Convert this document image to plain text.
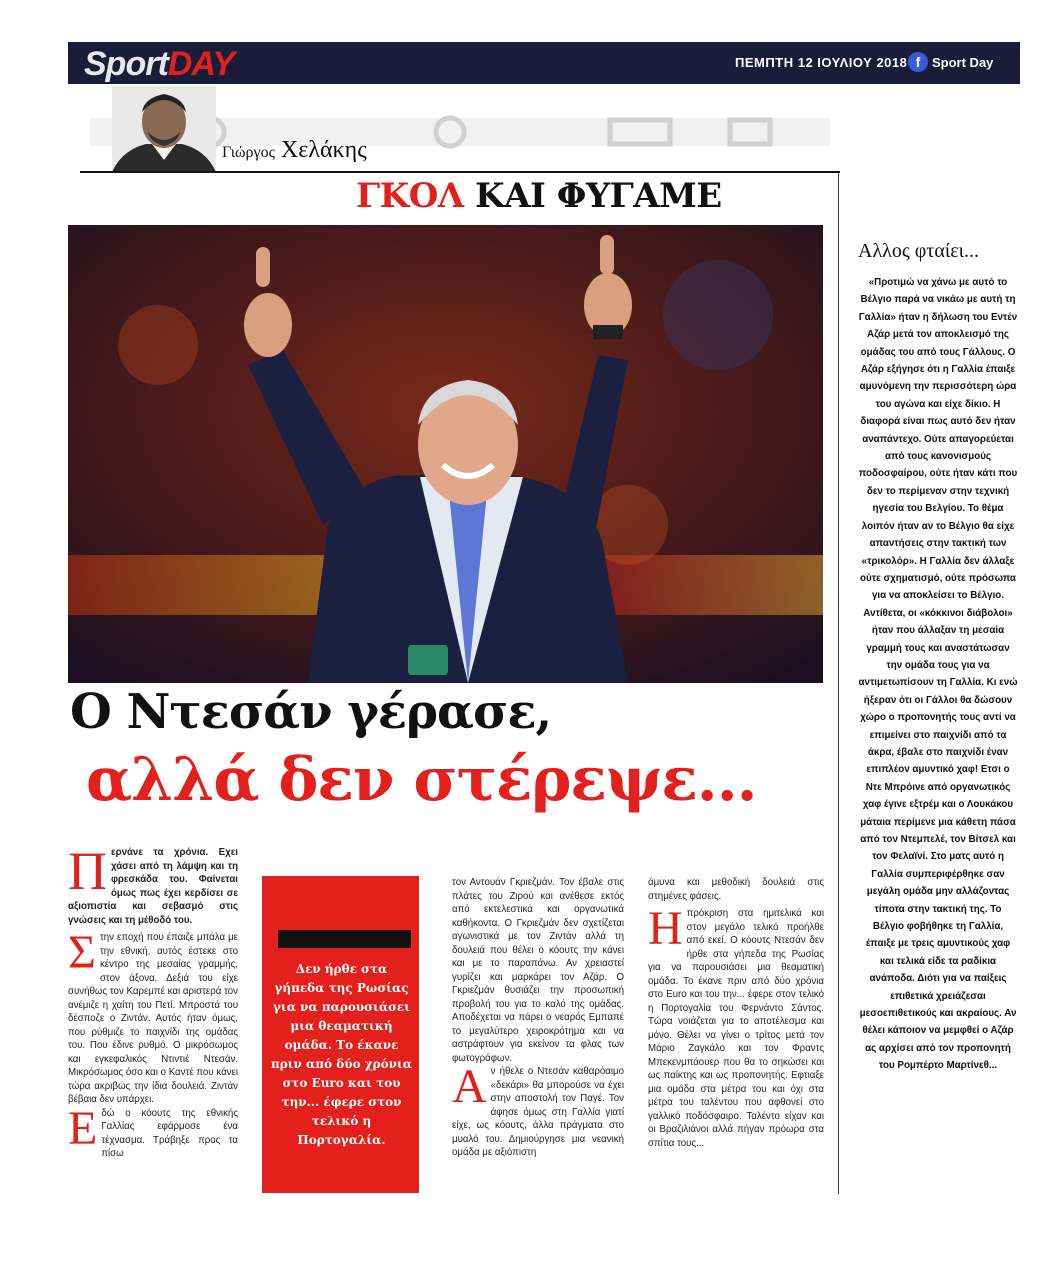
SportDAY	ΠΕΜΠΤΗ 12 ΙΟΥΛΙΟΥ 2018 f Sport Day
Γιώργος Χελάκης
ΓΚΟΛ ΚΑΙ ΦΥΓΑΜΕ
Ο Ντεσάν γέρασε,
αλλά δεν στέρεψε...

Περνάνε τα χρόνια. Εχει χάσει από τη λάμψη και τη φρεσκάδα του. Φαίνεται όμως πως έχει κερδίσει σε αξιοπιστία και σεβασμό στις γνώσεις και τη μέθοδό του.

Στην εποχή που έπαιζε μπάλα με την εθνική, αυτός έστεκε στο κέντρο της μεσαίας γραμμής, στον άξονα. Δεξιά του είχε συνήθως τον Καρεμπέ και αριστερά τον ανέμιζε η χαίτη του Πετί. Μπροστά του δέσποζε ο Ζιντάν. Αυτός ήταν όμως, που ρύθμιζε το παιχνίδι της ομάδας του. Που έδινε ρυθμό. Ο μικρόσωμος και εγκεφαλικός Ντιντιέ Ντεσάν. Μικρόσωμος όσο και ο Καντέ που κάνει τώρα ακριβώς την ίδια δουλειά. Ζιντάν βέβαια δεν υπάρχει.

Εδώ ο κόουτς της εθνικής Γαλλίας εφάρμοσε ένα τέχνασμα. Τράβηξε προς τα πίσω

Δεν ήρθε στα γήπεδα της Ρωσίας για να παρουσιάσει μια θεαματική ομάδα. Το έκανε πριν από δύο χρόνια στο Euro και του την... έφερε στον τελικό η Πορτογαλία.

τον Αντουάν Γκριεζμάν. Τον έβαλε στις πλάτες του Ζιρού και ανέθεσε εκτός από εκτελεστικά και οργανωτικά καθήκοντα. Ο Γκριεζμάν δεν σχετίζεται αγωνιστικά με τον Ζιντάν αλλά τη δουλειά που θέλει ο κόουτς την κάνει και με το παραπάνω. Αν χρειαστεί γυρίζει και μαρκάρει τον Αζάρ. Ο Γκριεζμάν θυσιάζει την προσωπική προβολή του για το καλό της ομάδας. Αποδέχεται να πάρει ο νεαρός Εμπαπέ το μεγαλύτερο χειροκρότημα και να αστράφτουν για εκείνον τα φλας των φωτογράφων.

Αν ήθελε ο Ντεσάν καθαρόαιμο «δεκάρι» θα μπορούσε να έχει στην αποστολή τον Παγέ. Τον άφησε όμως στη Γαλλία γιατί είχε, ως κόουτς, άλλα πράγματα στο μυαλό του. Δημιούργησε μια νεανική ομάδα με αξιόπιστη

άμυνα και μεθοδική δουλειά στις στημένες φάσεις.

Ηπρόκριση στα ημιτελικά και στον μεγάλο τελικό προήλθε από εκεί. Ο κόουτς Ντεσάν δεν ήρθε στα γήπεδα της Ρωσίας για να παρουσιάσει μια θεαματική ομάδα. Το έκανε πριν από δύο χρόνια στο Euro και του την... έφερε στον τελικό η Πορτογαλία του Φερνάντο Σάντος. Τώρα νοιάζεται για το αποτέλεσμα και μόνο. Θέλει να γίνει ο τρίτος μετά τον Μάριο Ζαγκάλο και τον Φραντς Μπεκενμπάουερ που θα το σηκώσει και ως παίκτης και ως προπονητής. Εφτιαξε μια ομάδα στα μέτρα του και όχι στα μέτρα του ταλέντου που αφθονεί στο γαλλικό ποδόσφαιρο. Ταλέντο είχαν και οι Βραζιλιάνοι αλλά πήγαν πρόωρα στα σπίτια τους...

Αλλος φταίει...
«Προτιμώ να χάνω με αυτό το Βέλγιο παρά να νικάω με αυτή τη Γαλλία» ήταν η δήλωση του Εντέν Αζάρ μετά τον αποκλεισμό της ομάδας του από τους Γάλλους. Ο Αζάρ εξήγησε ότι η Γαλλία έπαιξε αμυνόμενη την περισσότερη ώρα του αγώνα και είχε δίκιο. Η διαφορά είναι πως αυτό δεν ήταν αναπάντεχο. Ούτε απαγορεύεται από τους κανονισμούς ποδοσφαίρου, ούτε ήταν κάτι που δεν το περίμεναν στην τεχνική ηγεσία του Βελγίου. Το θέμα λοιπόν ήταν αν το Βέλγιο θα είχε απαντήσεις στην τακτική των «τρικολόρ». Η Γαλλία δεν άλλαξε ούτε σχηματισμό, ούτε πρόσωπα για να αποκλείσει το Βέλγιο. Αντίθετα, οι «κόκκινοι διάβολοι» ήταν που άλλαξαν τη μεσαία γραμμή τους και αναστάτωσαν την ομάδα τους για να αντιμετωπίσουν τη Γαλλία. Κι ενώ ήξεραν ότι οι Γάλλοι θα δώσουν χώρο ο προπονητής τους αντί να επιμείνει στο παιχνίδι από τα άκρα, έβαλε στο παιχνίδι έναν επιπλέον αμυντικό χαφ! Ετσι ο Ντε Μπρόινε από οργανωτικός χαφ έγινε εξτρέμ και ο Λουκάκου μάταια περίμενε μια κάθετη πάσα από τον Ντεμπελέ, τον Βίτσελ και τον Φελαϊνί. Στο ματς αυτό η Γαλλία συμπεριφέρθηκε σαν μεγάλη ομάδα μην αλλάζοντας τίποτα στην τακτική της. Το Βέλγιο φοβήθηκε τη Γαλλία, έπαιξε με τρεις αμυντικούς χαφ και τελικά είδε τα ραδίκια ανάποδα. Διότι για να παίξεις επιθετικά χρειάζεσαι μεσοεπιθετικούς και ακραίους. Αν θέλει κάποιον να μεμφθεί ο Αζάρ ας αρχίσει από τον προπονητή του Ρομπέρτο Μαρτίνεθ...
